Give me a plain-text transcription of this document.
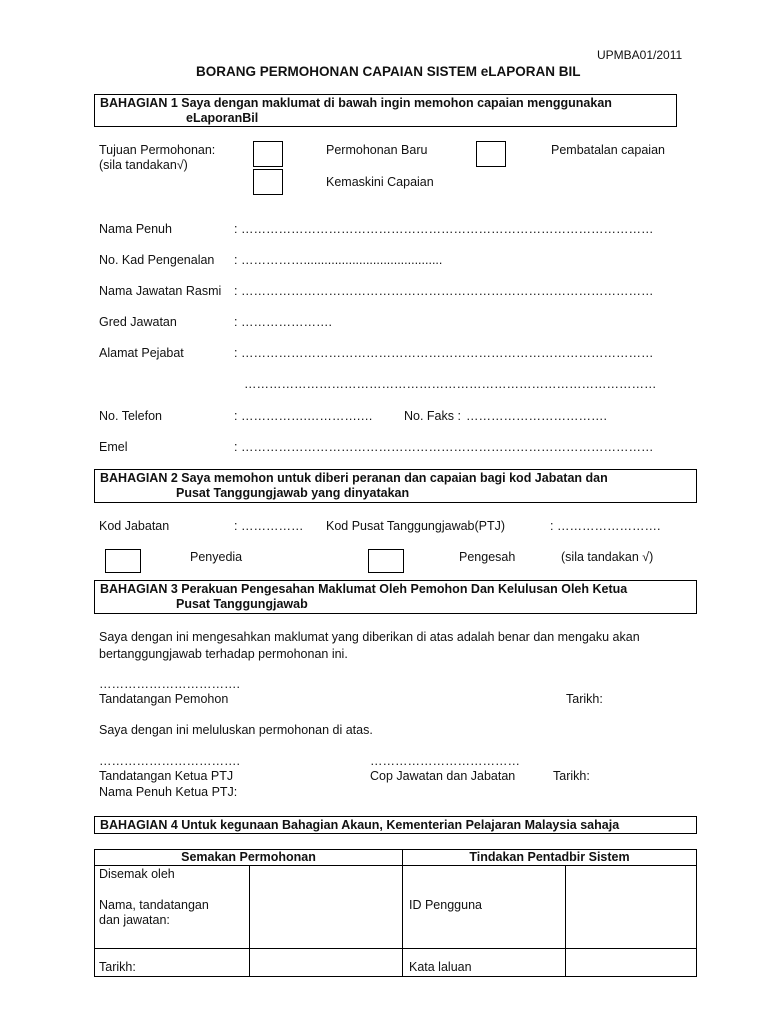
UPMBA01/2011
BORANG PERMOHONAN CAPAIAN SISTEM eLAPORAN BIL
BAHAGIAN 1 Saya dengan maklumat di bawah ingin memohon capaian menggunakan
eLaporanBil
Tujuan Permohonan:
(sila tandakan√)
Permohonan Baru	Pembatalan capaian
Kemaskini Capaian
Nama Penuh	: ………………………………………………………………………………………
No. Kad Pengenalan : ……………........................................
Nama Jawatan Rasmi : ………………………………………………………………………………………
Gred Jawatan	: ………………….
Alamat Pejabat	: ………………………………………………………………………………………
………………………………………………………………………………………
No. Telefon	: …………….………….… No. Faks : …………………………….
Emel	: ………………………………………………………………………………………
BAHAGIAN 2 Saya memohon untuk diberi peranan dan capaian bagi kod Jabatan dan
Pusat Tanggungjawab yang dinyatakan
Kod Jabatan	: …………… Kod Pusat Tanggungjawab(PTJ)	: …………………….
Penyedia	Pengesah	(sila tandakan √)
BAHAGIAN 3 Perakuan Pengesahan Maklumat Oleh Pemohon Dan Kelulusan Oleh Ketua
Pusat Tanggungjawab
Saya dengan ini mengesahkan maklumat yang diberikan di atas adalah benar dan mengaku akan
bertanggungjawab terhadap permohonan ini.
…………………………….
Tandatangan Pemohon	Tarikh:
Saya dengan ini meluluskan permohonan di atas.
…………………………….	………………………………
Tandatangan Ketua PTJ	Cop Jawatan dan Jabatan	Tarikh:
Nama Penuh Ketua PTJ:
BAHAGIAN 4 Untuk kegunaan Bahagian Akaun, Kementerian Pelajaran Malaysia sahaja
Semakan Permohonan		Tindakan Pentadbir Sistem	

Disemak oleh
Nama, tandatangan
dan jawatan:		ID Pengguna	
Tarikh:		Kata laluan	
